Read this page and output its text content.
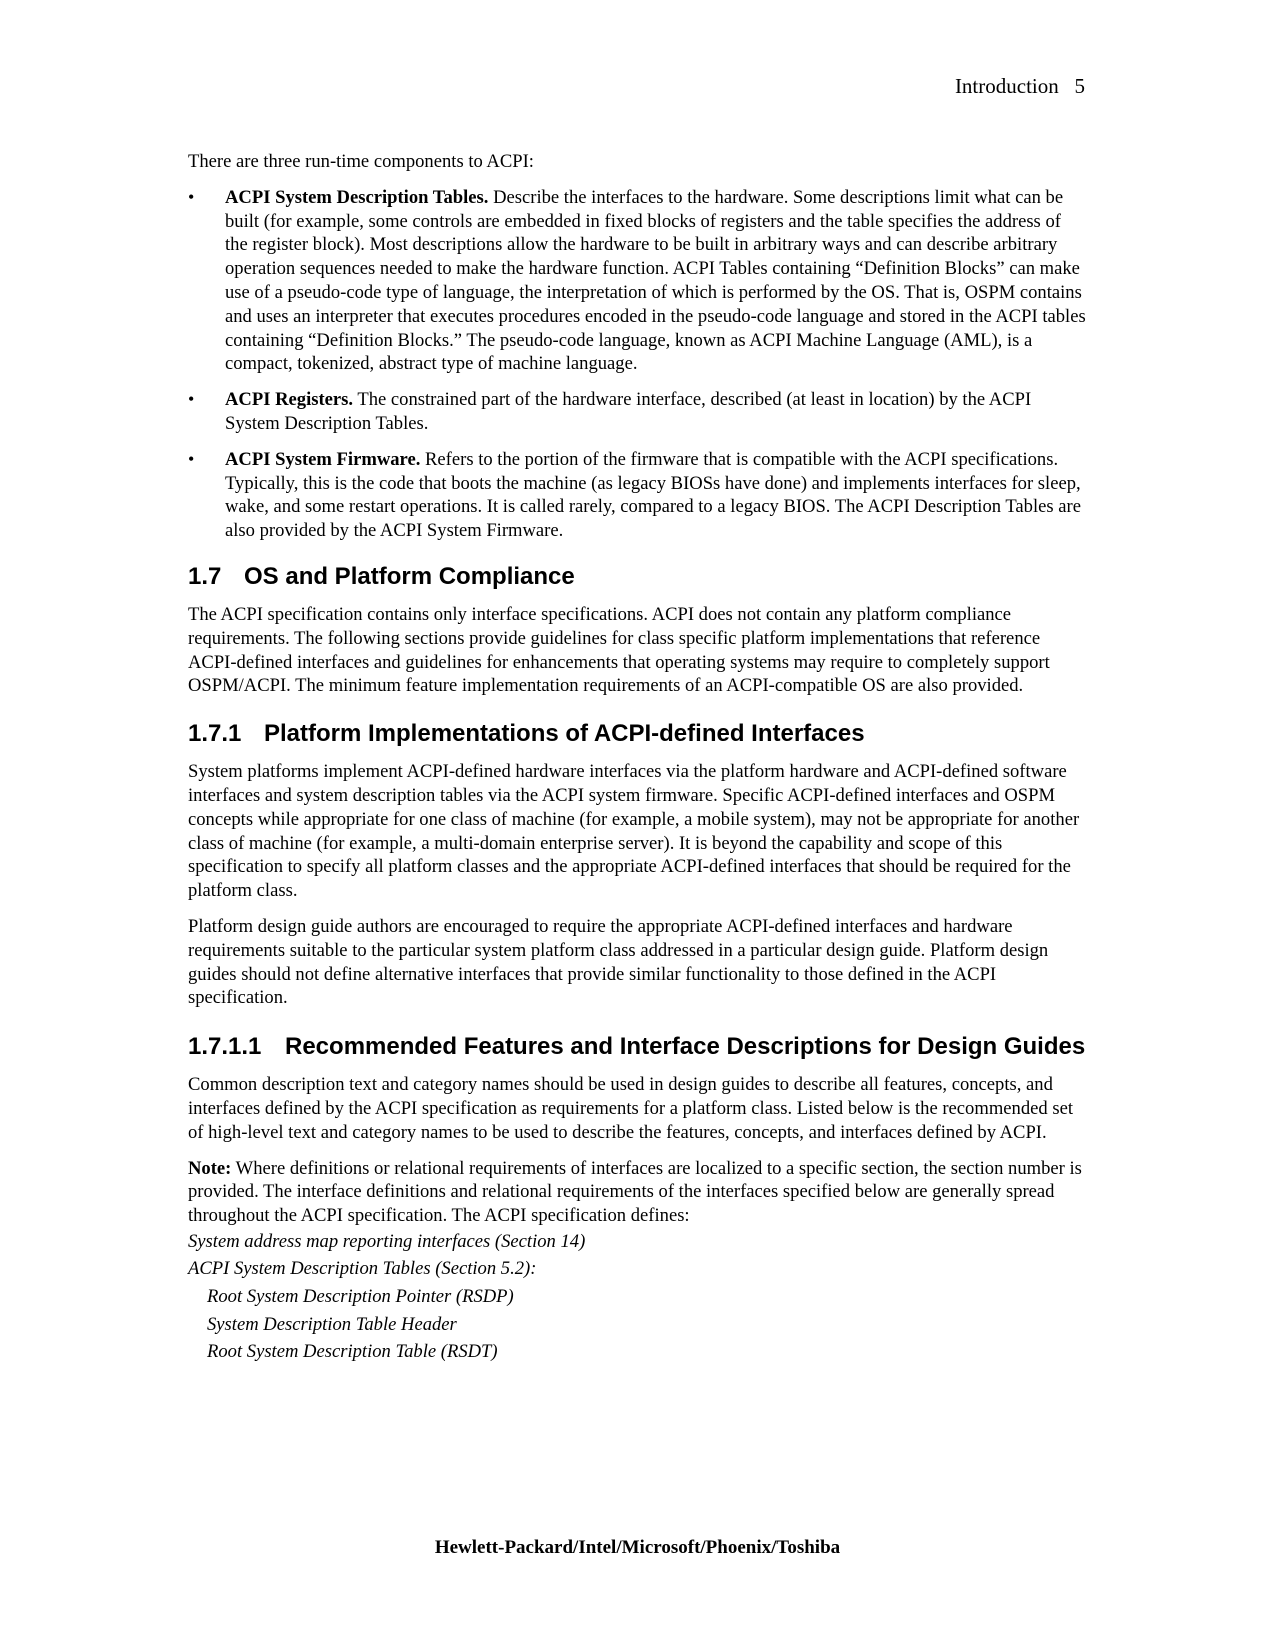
Introduction 5

There are three run-time components to ACPI:

• ACPI System Description Tables. Describe the interfaces to the hardware. Some descriptions limit what can be built (for example, some controls are embedded in fixed blocks of registers and the table specifies the address of the register block). Most descriptions allow the hardware to be built in arbitrary ways and can describe arbitrary operation sequences needed to make the hardware function. ACPI Tables containing “Definition Blocks” can make use of a pseudo-code type of language, the interpretation of which is performed by the OS. That is, OSPM contains and uses an interpreter that executes procedures encoded in the pseudo-code language and stored in the ACPI tables containing “Definition Blocks.” The pseudo-code language, known as ACPI Machine Language (AML), is a compact, tokenized, abstract type of machine language.
• ACPI Registers. The constrained part of the hardware interface, described (at least in location) by the ACPI System Description Tables.
• ACPI System Firmware. Refers to the portion of the firmware that is compatible with the ACPI specifications. Typically, this is the code that boots the machine (as legacy BIOSs have done) and implements interfaces for sleep, wake, and some restart operations. It is called rarely, compared to a legacy BIOS. The ACPI Description Tables are also provided by the ACPI System Firmware.
1.7 OS and Platform Compliance

The ACPI specification contains only interface specifications. ACPI does not contain any platform compliance requirements. The following sections provide guidelines for class specific platform implementations that reference ACPI-defined interfaces and guidelines for enhancements that operating systems may require to completely support OSPM/ACPI. The minimum feature implementation requirements of an ACPI-compatible OS are also provided.

1.7.1 Platform Implementations of ACPI-defined Interfaces

System platforms implement ACPI-defined hardware interfaces via the platform hardware and ACPI-defined software interfaces and system description tables via the ACPI system firmware. Specific ACPI-defined interfaces and OSPM concepts while appropriate for one class of machine (for example, a mobile system), may not be appropriate for another class of machine (for example, a multi-domain enterprise server). It is beyond the capability and scope of this specification to specify all platform classes and the appropriate ACPI-defined interfaces that should be required for the platform class.

Platform design guide authors are encouraged to require the appropriate ACPI-defined interfaces and hardware requirements suitable to the particular system platform class addressed in a particular design guide. Platform design guides should not define alternative interfaces that provide similar functionality to those defined in the ACPI specification.

1.7.1.1 Recommended Features and Interface Descriptions for Design Guides

Common description text and category names should be used in design guides to describe all features, concepts, and interfaces defined by the ACPI specification as requirements for a platform class. Listed below is the recommended set of high-level text and category names to be used to describe the features, concepts, and interfaces defined by ACPI.

Note: Where definitions or relational requirements of interfaces are localized to a specific section, the section number is provided. The interface definitions and relational requirements of the interfaces specified below are generally spread throughout the ACPI specification. The ACPI specification defines:

System address map reporting interfaces (Section 14)
ACPI System Description Tables (Section 5.2):
Root System Description Pointer (RSDP)
System Description Table Header
Root System Description Table (RSDT)
Hewlett-Packard/Intel/Microsoft/Phoenix/Toshiba
